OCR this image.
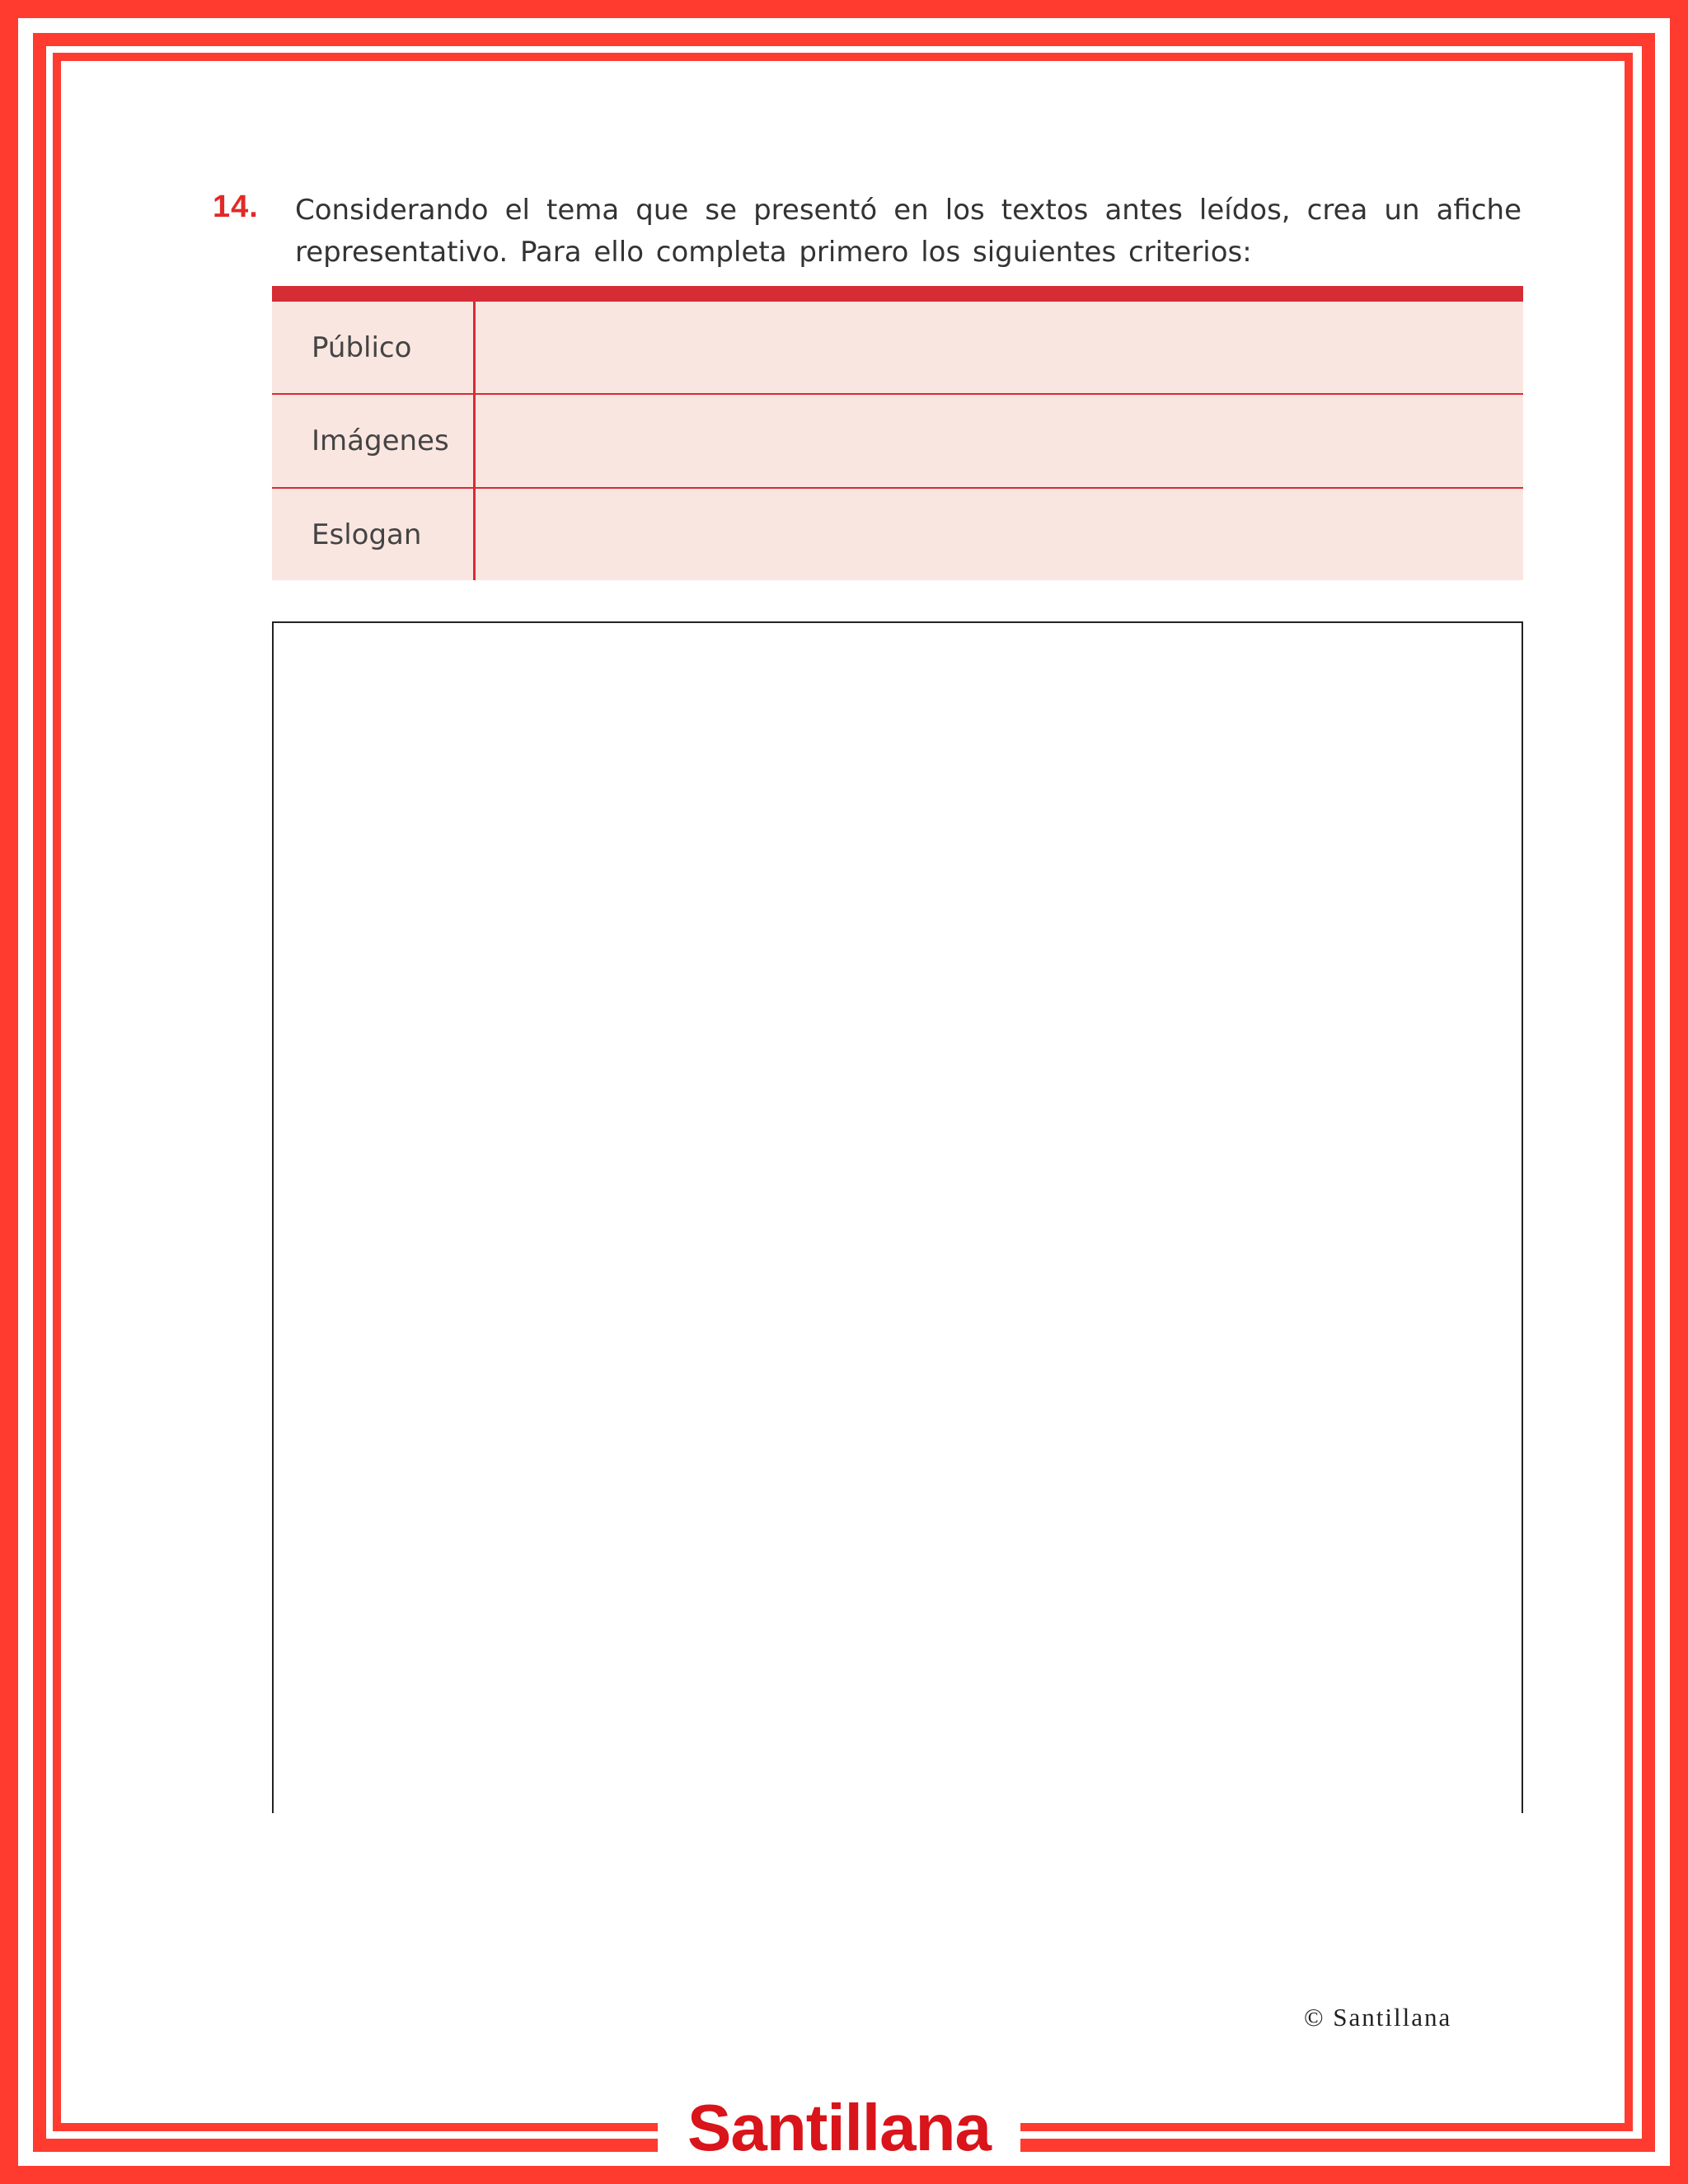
14. Considerando el tema que se presentó en los textos antes leídos, crea un afiche representativo. Para ello completa primero los siguientes criterios:
Público
Imágenes
Eslogan
© Santillana
Santillana
